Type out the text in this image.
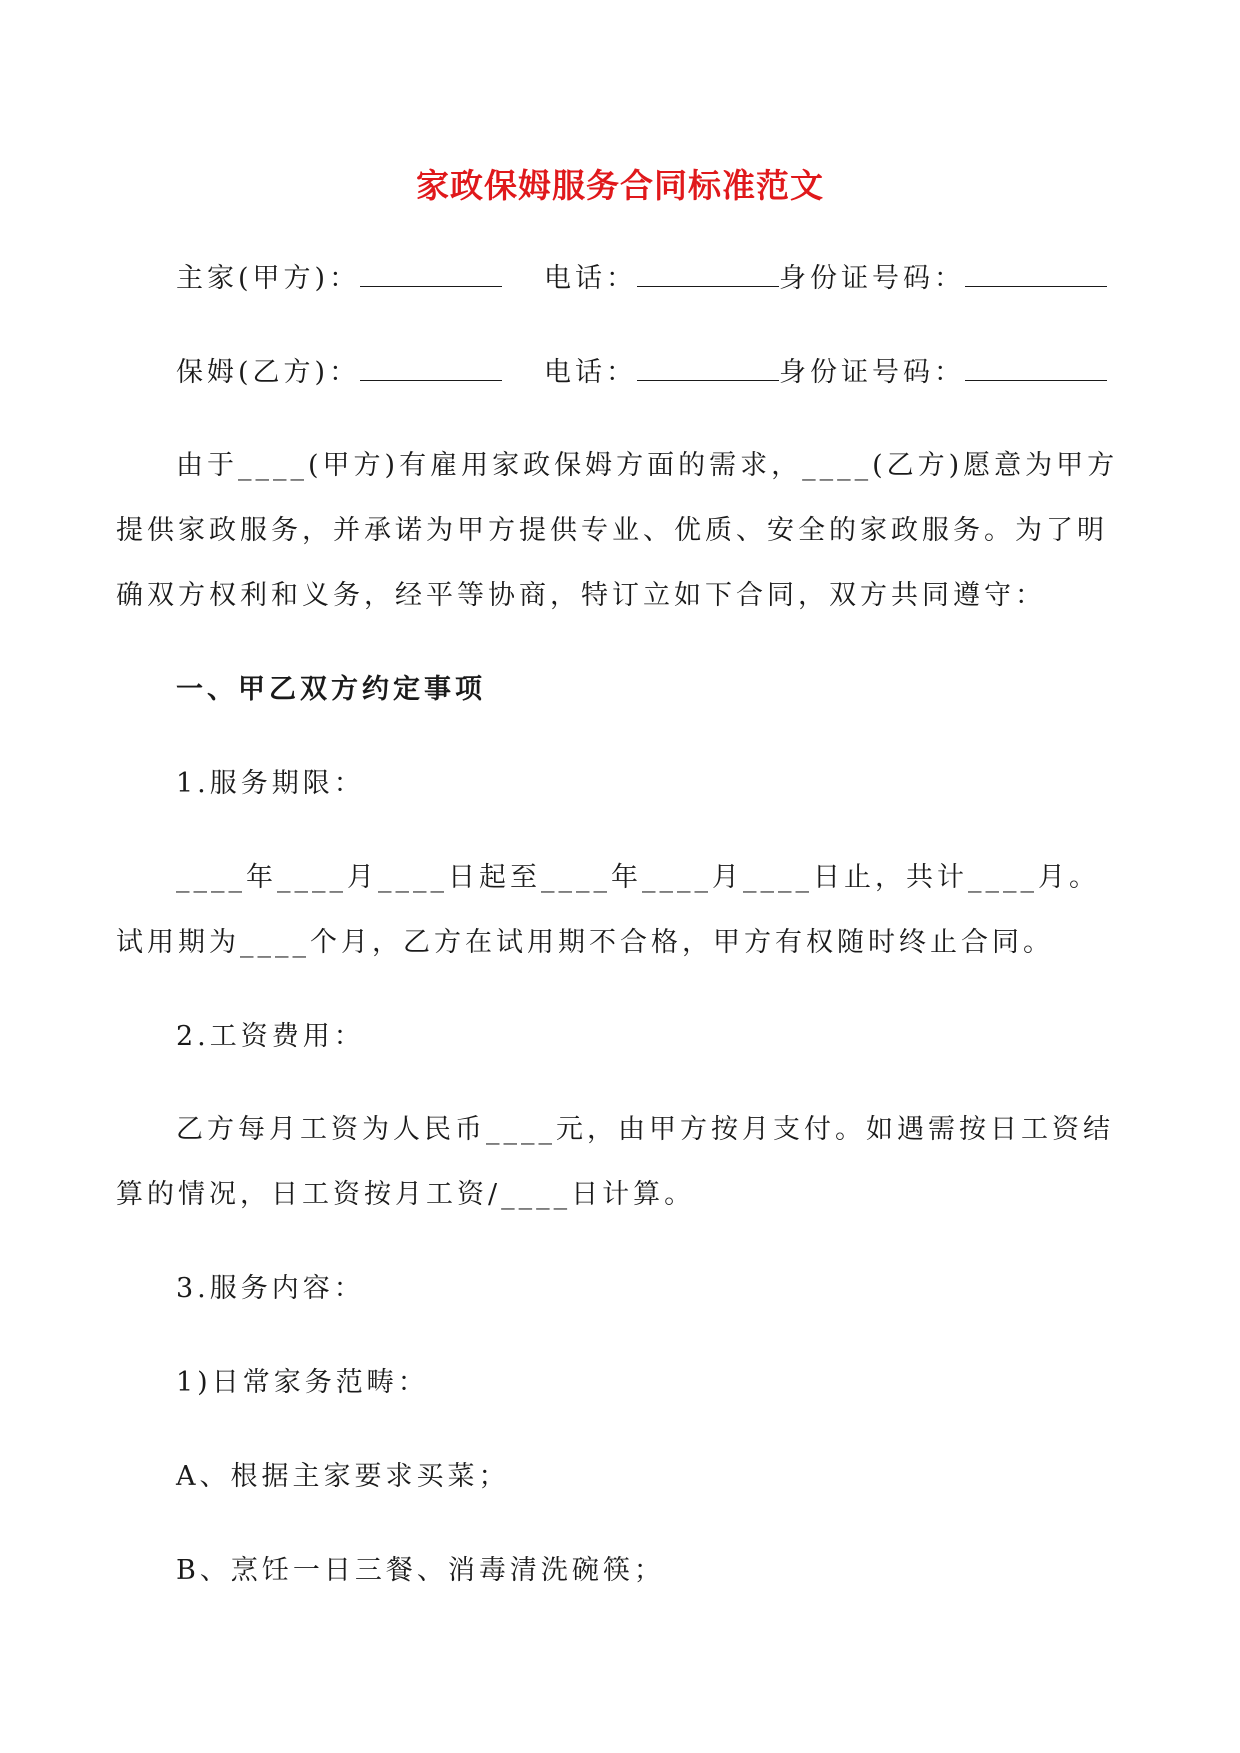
家政保姆服务合同标准范文
主家(甲方)：	电话：	身份证号码：
保姆(乙方)：	电话：	身份证号码：
由于____(甲方)有雇用家政保姆方面的需求，____(乙方)愿意为甲方提供家政服务，并承诺为甲方提供专业、优质、安全的家政服务。为了明确双方权利和义务，经平等协商，特订立如下合同，双方共同遵守：
一、甲乙双方约定事项
1.服务期限：
____年____月____日起至____年____月____日止，共计____月。试用期为____个月，乙方在试用期不合格，甲方有权随时终止合同。
2.工资费用：
乙方每月工资为人民币____元，由甲方按月支付。如遇需按日工资结算的情况，日工资按月工资/____日计算。
3.服务内容：
1)日常家务范畴：
A、根据主家要求买菜；
B、烹饪一日三餐、消毒清洗碗筷；
